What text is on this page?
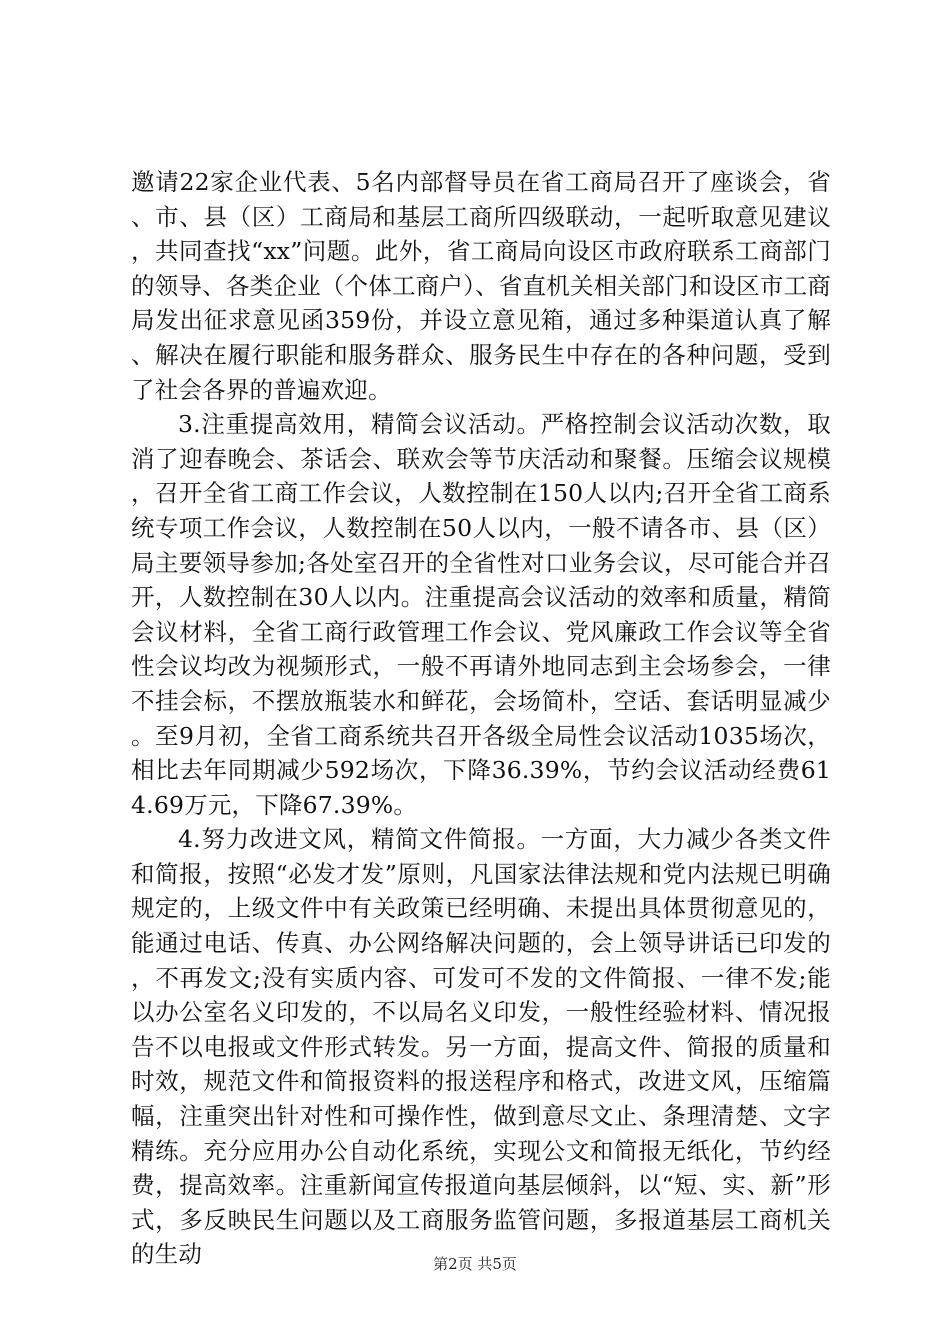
邀请22家企业代表、5名内部督导员在省工商局召开了座谈会，省、市、县（区）工商局和基层工商所四级联动，一起听取意见建议，共同查找“xx”问题。此外，省工商局向设区市政府联系工商部门的领导、各类企业（个体工商户）、省直机关相关部门和设区市工商局发出征求意见函359份，并设立意见箱，通过多种渠道认真了解、解决在履行职能和服务群众、服务民生中存在的各种问题，受到了社会各界的普遍欢迎。

3.注重提高效用，精简会议活动。严格控制会议活动次数，取消了迎春晚会、茶话会、联欢会等节庆活动和聚餐。压缩会议规模，召开全省工商工作会议，人数控制在150人以内;召开全省工商系统专项工作会议，人数控制在50人以内，一般不请各市、县（区）局主要领导参加;各处室召开的全省性对口业务会议，尽可能合并召开，人数控制在30人以内。注重提高会议活动的效率和质量，精简会议材料，全省工商行政管理工作会议、党风廉政工作会议等全省性会议均改为视频形式，一般不再请外地同志到主会场参会，一律不挂会标，不摆放瓶装水和鲜花，会场简朴，空话、套话明显减少。至9月初，全省工商系统共召开各级全局性会议活动1035场次，相比去年同期减少592场次，下降36.39%，节约会议活动经费614.69万元，下降67.39%。

4.努力改进文风，精简文件简报。一方面，大力减少各类文件和简报，按照“必发才发”原则，凡国家法律法规和党内法规已明确规定的，上级文件中有关政策已经明确、未提出具体贯彻意见的，能通过电话、传真、办公网络解决问题的，会上领导讲话已印发的，不再发文;没有实质内容、可发可不发的文件简报、一律不发;能以办公室名义印发的，不以局名义印发，一般性经验材料、情况报告不以电报或文件形式转发。另一方面，提高文件、简报的质量和时效，规范文件和简报资料的报送程序和格式，改进文风，压缩篇幅，注重突出针对性和可操作性，做到意尽文止、条理清楚、文字精练。充分应用办公自动化系统，实现公文和简报无纸化，节约经费，提高效率。注重新闻宣传报道向基层倾斜，以“短、实、新”形式，多反映民生问题以及工商服务监管问题，多报道基层工商机关的生动	第2页 共5页
